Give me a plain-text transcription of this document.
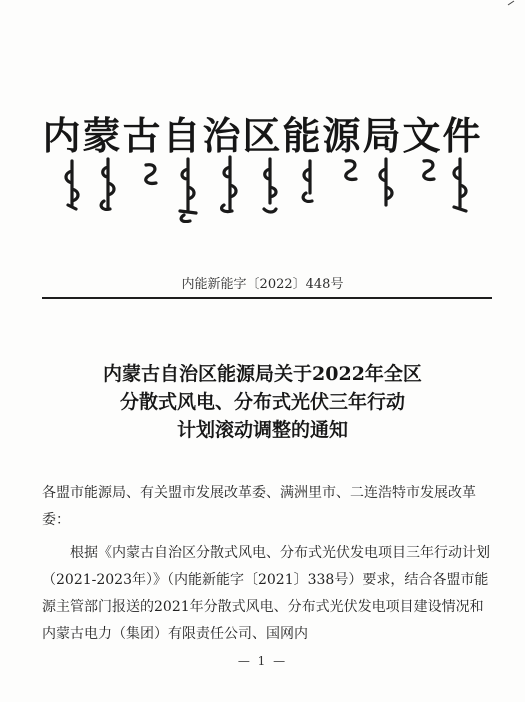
内蒙古自治区能源局文件
内能新能字〔2022〕448号
内蒙古自治区能源局关于2022年全区
分散式风电、分布式光伏三年行动
计划滚动调整的通知
各盟市能源局、有关盟市发展改革委、满洲里市、二连浩特市发展改革委：
根据《内蒙古自治区分散式风电、分布式光伏发电项目三年行动计划（2021-2023年）》（内能新能字〔2021〕338号）要求，结合各盟市能源主管部门报送的2021年分散式风电、分布式光伏发电项目建设情况和内蒙古电力（集团）有限责任公司、国网内
— 1 —
